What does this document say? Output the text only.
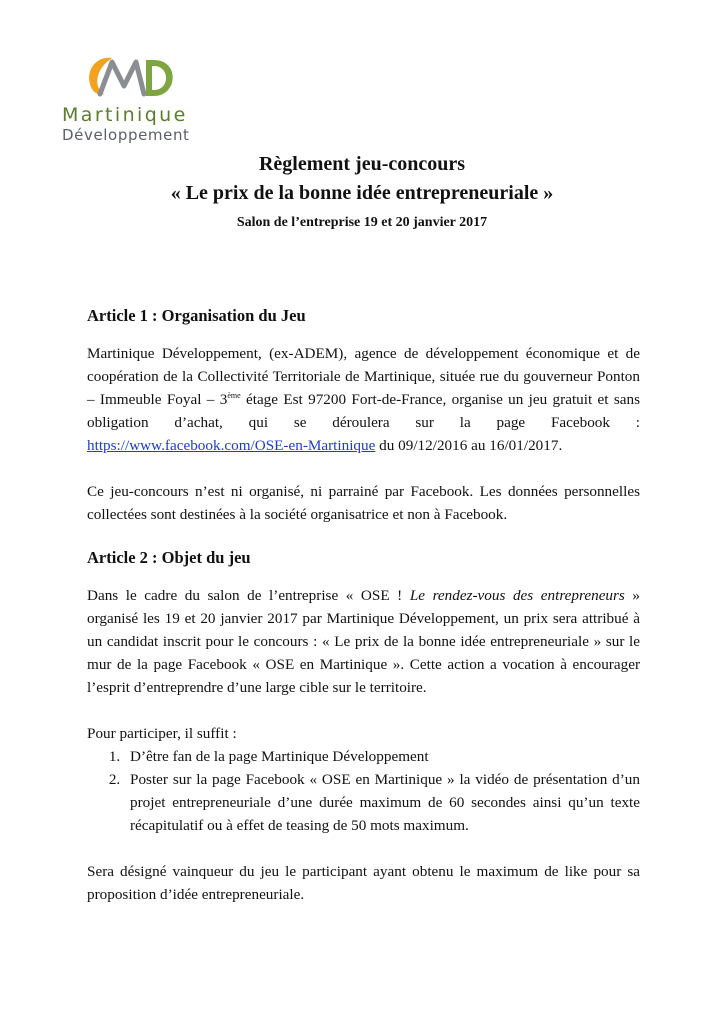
Martinique
Développement
Règlement jeu-concours
« Le prix de la bonne idée entrepreneuriale »
Salon de l’entreprise 19 et 20 janvier 2017
Article 1 : Organisation du Jeu

Martinique Développement, (ex-ADEM), agence de développement économique et de coopération de la Collectivité Territoriale de Martinique, située rue du gouverneur Ponton – Immeuble Foyal – 3ème étage Est 97200 Fort-de-France, organise un jeu gratuit et sans obligation d’achat, qui se déroulera sur la page Facebook : https://www.facebook.com/OSE-en-Martinique du 09/12/2016 au 16/01/2017.

Ce jeu-concours n’est ni organisé, ni parrainé par Facebook. Les données personnelles collectées sont destinées à la société organisatrice et non à Facebook.

Article 2 : Objet du jeu

Dans le cadre du salon de l’entreprise « OSE ! Le rendez-vous des entrepreneurs » organisé les 19 et 20 janvier 2017 par Martinique Développement, un prix sera attribué à un candidat inscrit pour le concours : « Le prix de la bonne idée entrepreneuriale » sur le mur de la page Facebook « OSE en Martinique ». Cette action a vocation à encourager l’esprit d’entreprendre d’une large cible sur le territoire.

Pour participer, il suffit :

1. D’être fan de la page Martinique Développement
2. Poster sur la page Facebook « OSE en Martinique » la vidéo de présentation d’un projet entrepreneuriale d’une durée maximum de 60 secondes ainsi qu’un texte récapitulatif ou à effet de teasing de 50 mots maximum.

Sera désigné vainqueur du jeu le participant ayant obtenu le maximum de like pour sa proposition d’idée entrepreneuriale.
